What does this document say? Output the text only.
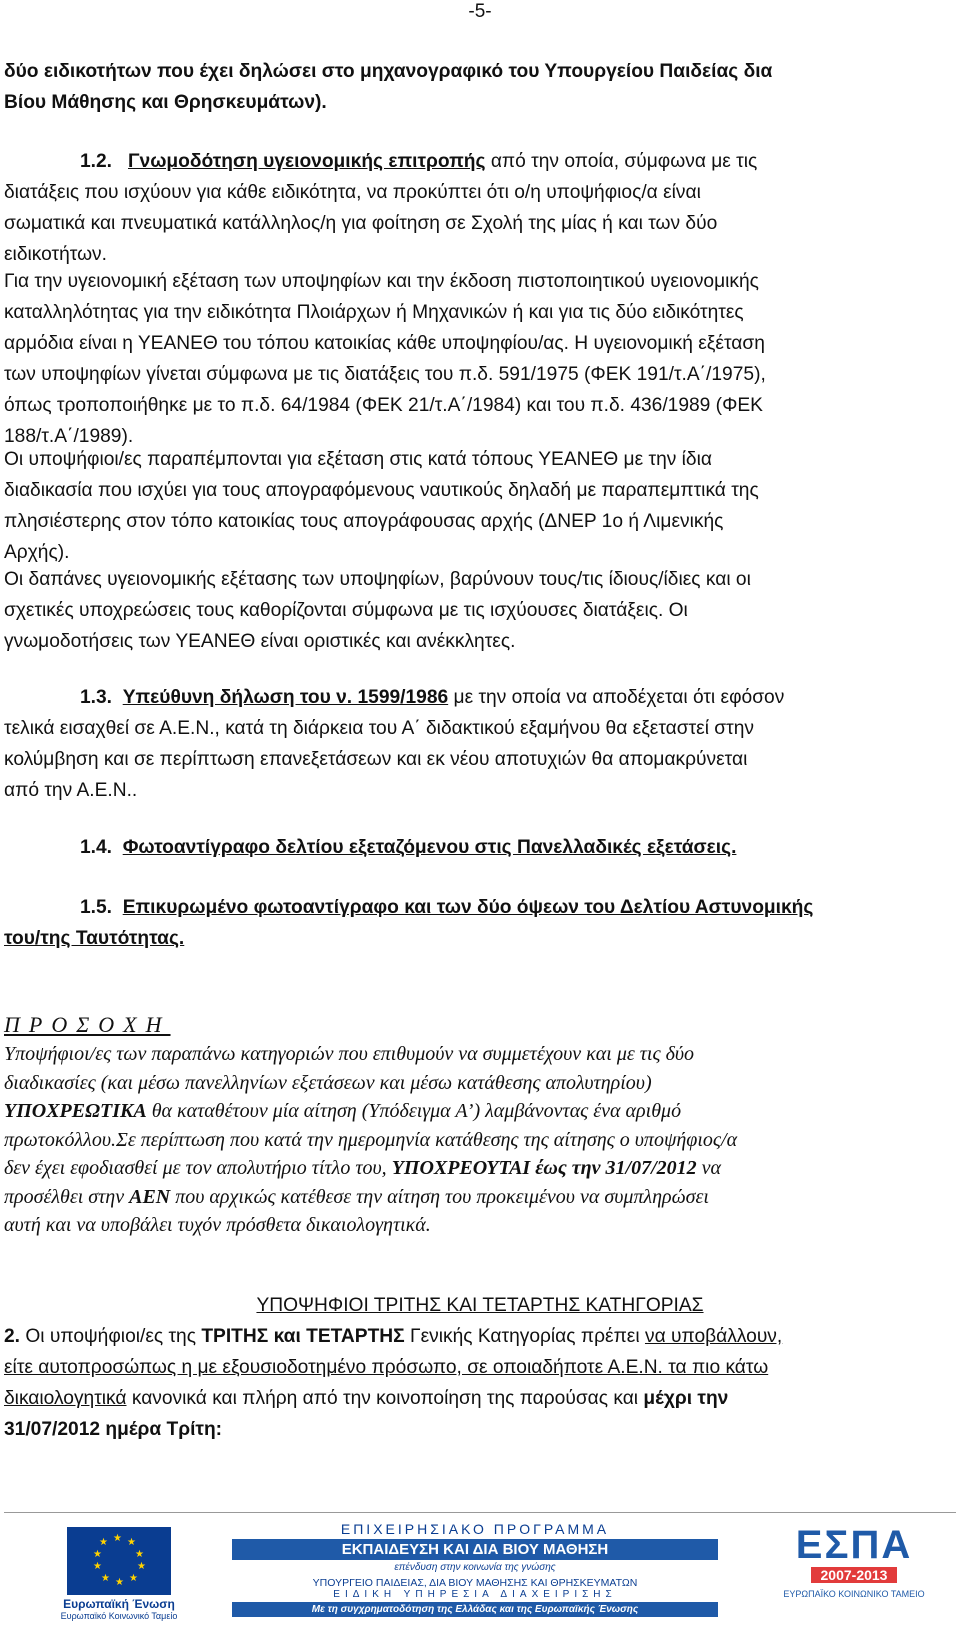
-5-
δύο ειδικοτήτων που έχει δηλώσει στο μηχανογραφικό του Υπουργείου Παιδείας δια
Βίου Μάθησης και Θρησκευμάτων).
1.2. Γνωμοδότηση υγειονομικής επιτροπής από την οποία, σύμφωνα με τις
διατάξεις που ισχύουν για κάθε ειδικότητα, να προκύπτει ότι ο/η υποψήφιος/α είναι
σωματικά και πνευματικά κατάλληλος/η για φοίτηση σε Σχολή της μίας ή και των δύο
ειδικοτήτων.
Για την υγειονομική εξέταση των υποψηφίων και την έκδοση πιστοποιητικού υγειονομικής
καταλληλότητας για την ειδικότητα Πλοιάρχων ή Μηχανικών ή και για τις δύο ειδικότητες
αρμόδια είναι η ΥΕΑΝΕΘ του τόπου κατοικίας κάθε υποψηφίου/ας. Η υγειονομική εξέταση
των υποψηφίων γίνεται σύμφωνα με τις διατάξεις του π.δ. 591/1975 (ΦΕΚ 191/τ.Α΄/1975),
όπως τροποποιήθηκε με το π.δ. 64/1984 (ΦΕΚ 21/τ.Α΄/1984) και του π.δ. 436/1989 (ΦΕΚ
188/τ.Α΄/1989).
Οι υποψήφιοι/ες παραπέμπονται για εξέταση στις κατά τόπους ΥΕΑΝΕΘ με την ίδια
διαδικασία που ισχύει για τους απογραφόμενους ναυτικούς δηλαδή με παραπεμπτικά της
πλησιέστερης στον τόπο κατοικίας τους απογράφουσας αρχής (ΔΝΕΡ 1ο ή Λιμενικής
Αρχής).
Οι δαπάνες υγειονομικής εξέτασης των υποψηφίων, βαρύνουν τους/τις ίδιους/ίδιες και οι
σχετικές υποχρεώσεις τους καθορίζονται σύμφωνα με τις ισχύουσες διατάξεις. Οι
γνωμοδοτήσεις των ΥΕΑΝΕΘ είναι οριστικές και ανέκκλητες.
1.3. Υπεύθυνη δήλωση του ν. 1599/1986 με την οποία να αποδέχεται ότι εφόσον
τελικά εισαχθεί σε Α.Ε.Ν., κατά τη διάρκεια του Α΄ διδακτικού εξαμήνου θα εξεταστεί στην
κολύμβηση και σε περίπτωση επανεξετάσεων και εκ νέου αποτυχιών θα απομακρύνεται
από την Α.Ε.Ν..
1.4. Φωτοαντίγραφο δελτίου εξεταζόμενου στις Πανελλαδικές εξετάσεις.
1.5. Επικυρωμένο φωτοαντίγραφο και των δύο όψεων του Δελτίου Αστυνομικής
του/της Ταυτότητας.
ΠΡΟΣΟΧΗ
Υποψήφιοι/ες των παραπάνω κατηγοριών που επιθυμούν να συμμετέχουν και με τις δύο
διαδικασίες (και μέσω πανελληνίων εξετάσεων και μέσω κατάθεσης απολυτηρίου)
ΥΠΟΧΡΕΩΤΙΚΑ θα καταθέτουν μία αίτηση (Υπόδειγμα Α’) λαμβάνοντας ένα αριθμό
πρωτοκόλλου.Σε περίπτωση που κατά την ημερομηνία κατάθεσης της αίτησης ο υποψήφιος/α
δεν έχει εφοδιασθεί με τον απολυτήριο τίτλο του, ΥΠΟΧΡΕΟΥΤΑΙ έως την 31/07/2012 να
προσέλθει στην ΑΕΝ που αρχικώς κατέθεσε την αίτηση του προκειμένου να συμπληρώσει
αυτή και να υποβάλει τυχόν πρόσθετα δικαιολογητικά.
ΥΠΟΨΗΦΙΟΙ ΤΡΙΤΗΣ ΚΑΙ ΤΕΤΑΡΤΗΣ ΚΑΤΗΓΟΡΙΑΣ
2. Οι υποψήφιοι/ες της ΤΡΙΤΗΣ και ΤΕΤΑΡΤΗΣ Γενικής Κατηγορίας πρέπει να υποβάλλουν,
είτε αυτοπροσώπως η με εξουσιοδοτημένο πρόσωπο, σε οποιαδήποτε Α.Ε.Ν. τα πιο κάτω
δικαιολογητικά κανονικά και πλήρη από την κοινοποίηση της παρούσας και μέχρι την
31/07/2012 ημέρα Τρίτη:
★ ★
★
★
★
★
★
★
★
★
Ευρωπαϊκή Ένωση
Ευρωπαϊκό Κοινωνικό Ταμείο
ΕΠΙΧΕΙΡΗΣΙΑΚΟ ΠΡΟΓΡΑΜΜΑ
ΕΚΠΑΙΔΕΥΣΗ ΚΑΙ ΔΙΑ ΒΙΟΥ ΜΑΘΗΣΗ
επένδυση στην κοινωνία της γνώσης
ΥΠΟΥΡΓΕΙΟ ΠΑΙΔΕΙΑΣ, ΔΙΑ ΒΙΟΥ ΜΑΘΗΣΗΣ ΚΑΙ ΘΡΗΣΚΕΥΜΑΤΩΝ
ΕΙΔΙΚΗ ΥΠΗΡΕΣΙΑ ΔΙΑΧΕΙΡΙΣΗΣ
Με τη συγχρηματοδότηση της Ελλάδας και της Ευρωπαϊκής Ένωσης
ΕΣΠΑ
2007-2013
ΕΥΡΩΠΑΪΚΟ ΚΟΙΝΩΝΙΚΟ ΤΑΜΕΙΟ
